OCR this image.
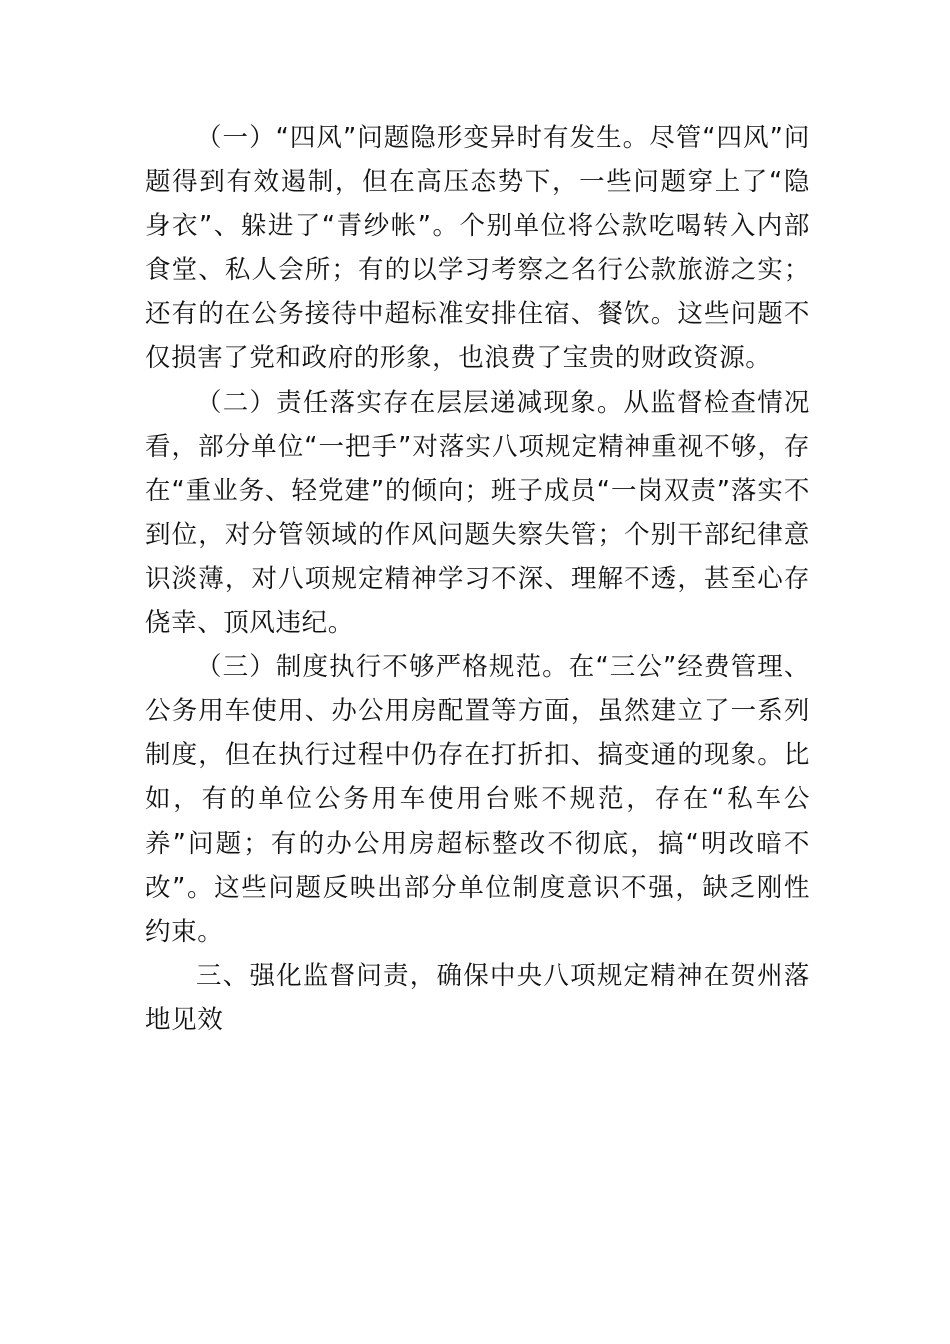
（一）“四风”问题隐形变异时有发生。尽管“四风”问题得到有效遏制，但在高压态势下，一些问题穿上了“隐身衣”、躲进了“青纱帐”。个别单位将公款吃喝转入内部食堂、私人会所；有的以学习考察之名行公款旅游之实；还有的在公务接待中超标准安排住宿、餐饮。这些问题不仅损害了党和政府的形象，也浪费了宝贵的财政资源。

（二）责任落实存在层层递减现象。从监督检查情况看，部分单位“一把手”对落实八项规定精神重视不够，存在“重业务、轻党建”的倾向；班子成员“一岗双责”落实不到位，对分管领域的作风问题失察失管；个别干部纪律意识淡薄，对八项规定精神学习不深、理解不透，甚至心存侥幸、顶风违纪。

（三）制度执行不够严格规范。在“三公”经费管理、公务用车使用、办公用房配置等方面，虽然建立了一系列制度，但在执行过程中仍存在打折扣、搞变通的现象。比如，有的单位公务用车使用台账不规范，存在“私车公养”问题；有的办公用房超标整改不彻底，搞“明改暗不改”。这些问题反映出部分单位制度意识不强，缺乏刚性约束。

三、强化监督问责，确保中央八项规定精神在贺州落地见效
